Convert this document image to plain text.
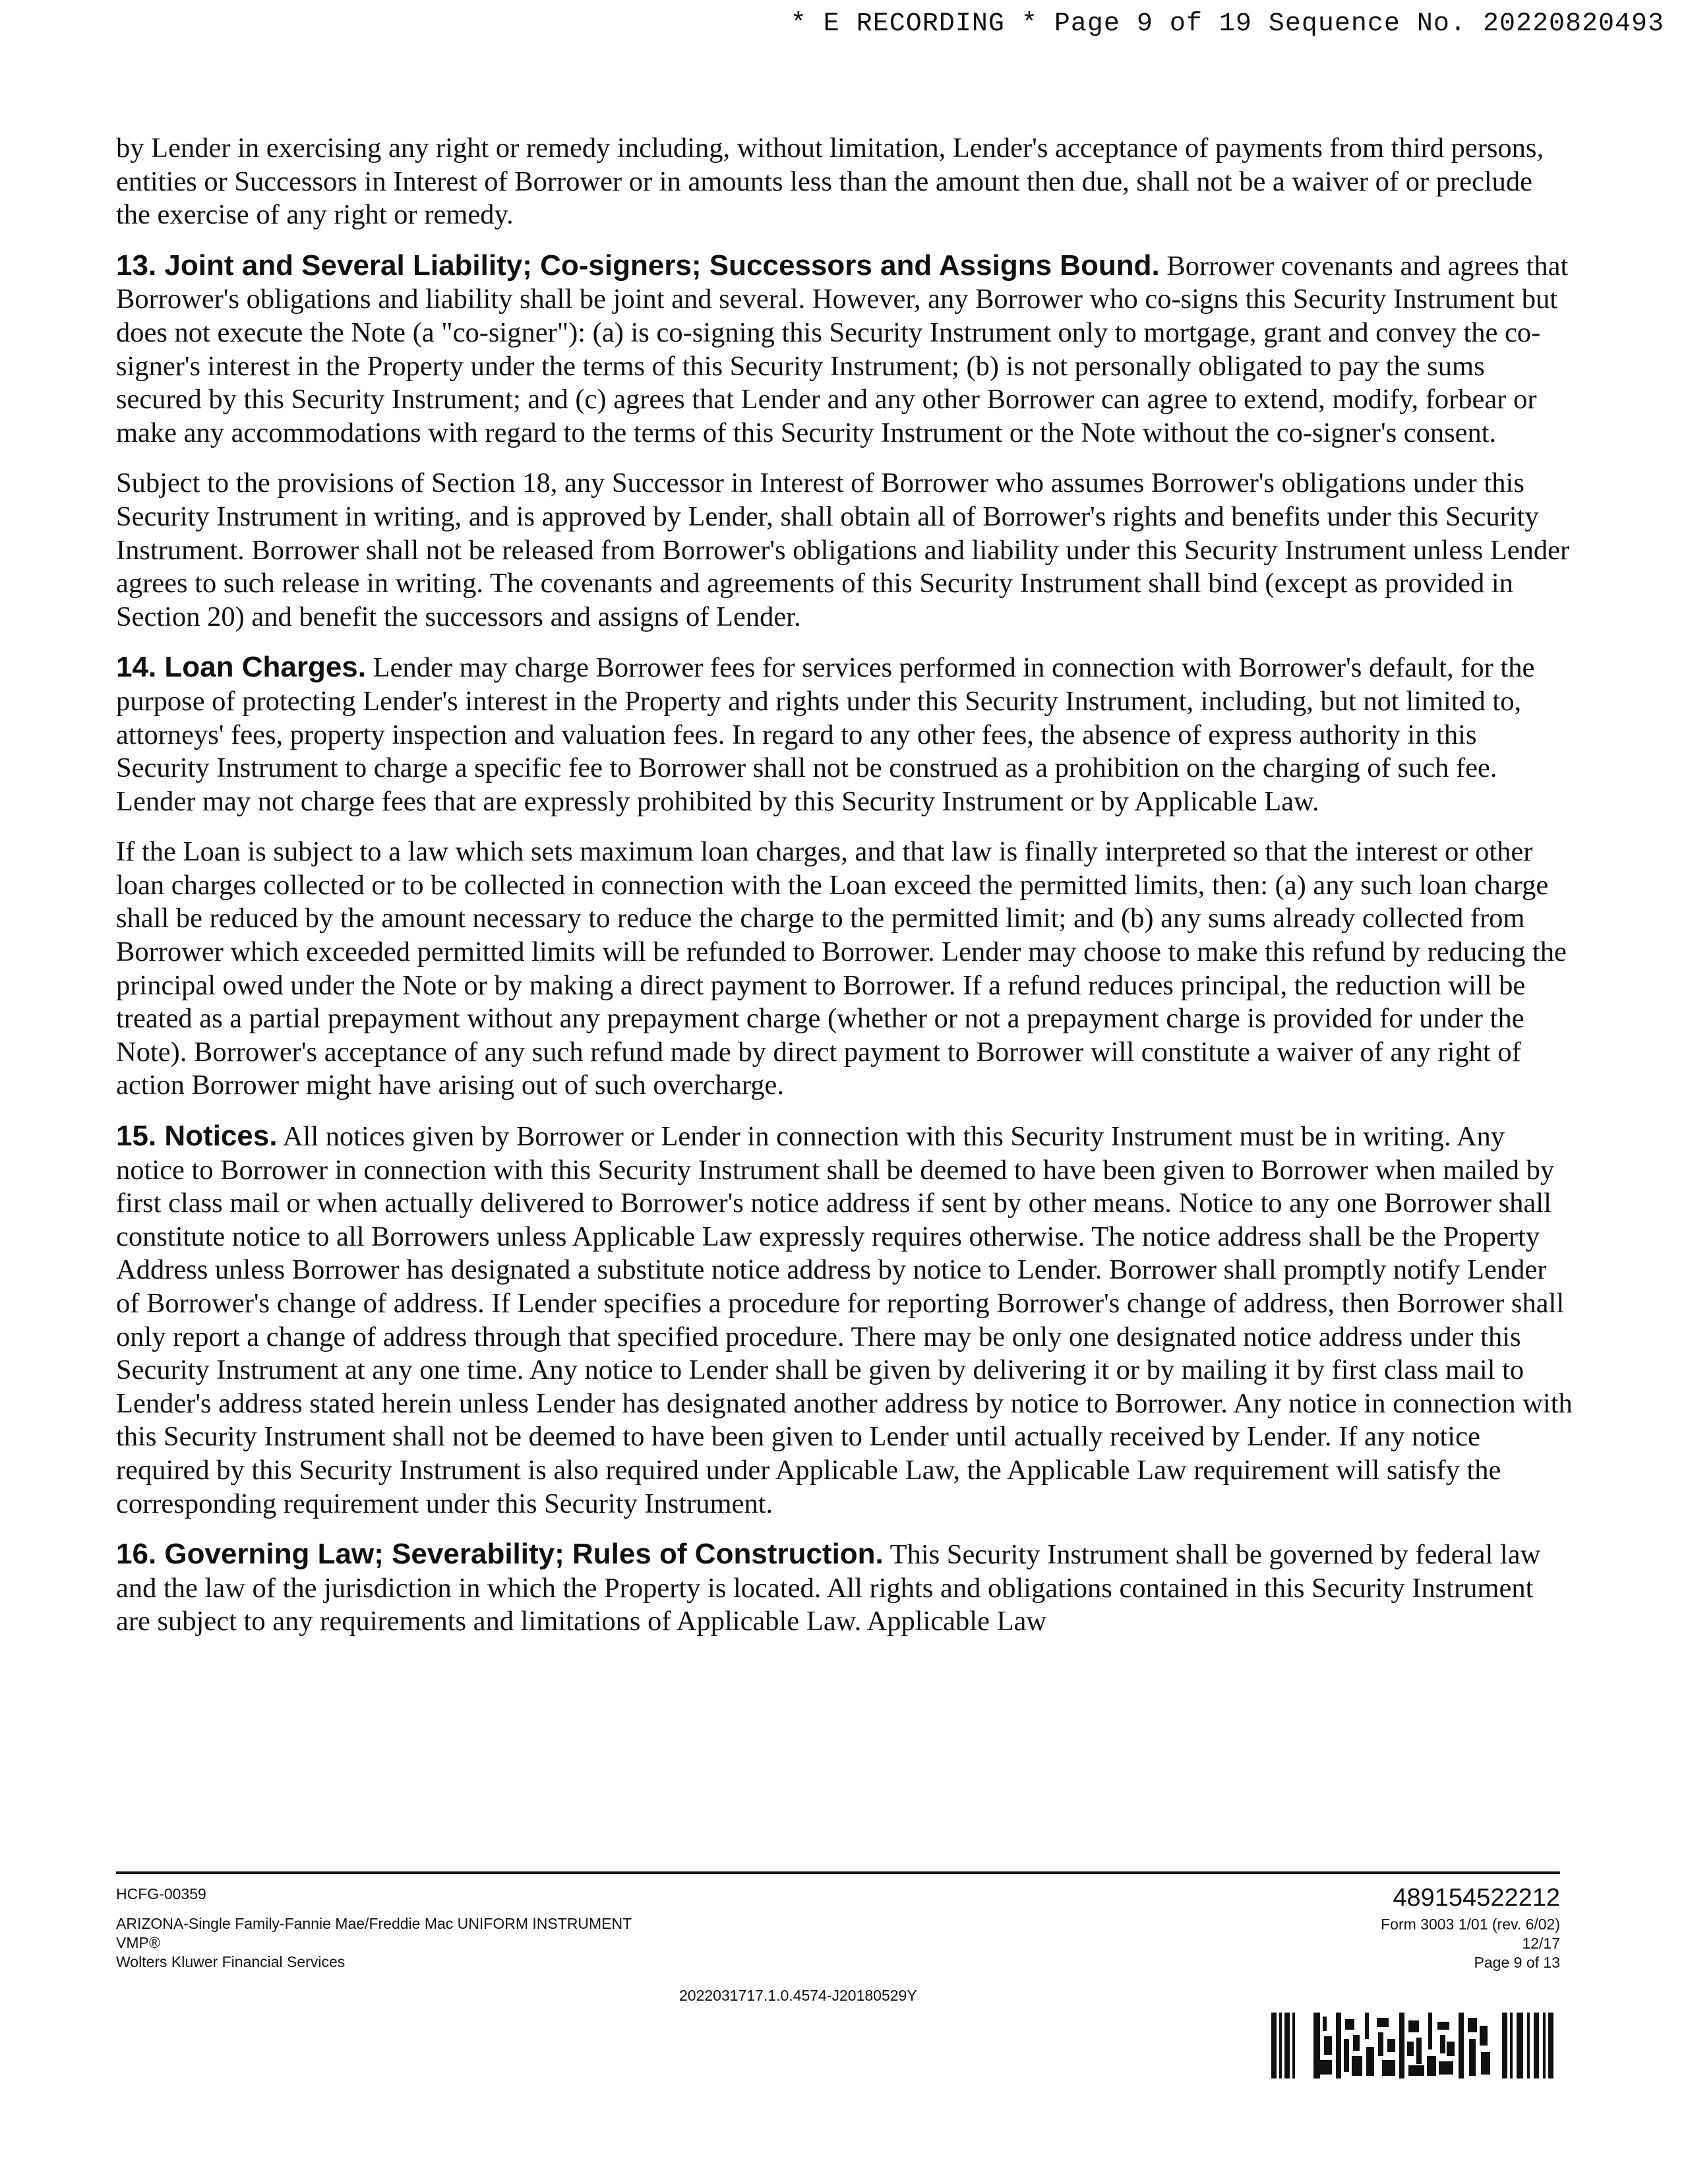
* E RECORDING * Page 9 of 19 Sequence No. 20220820493

by Lender in exercising any right or remedy including, without limitation, Lender's acceptance of payments from third persons, entities or Successors in Interest of Borrower or in amounts less than the amount then due, shall not be a waiver of or preclude the exercise of any right or remedy.

13. Joint and Several Liability; Co-signers; Successors and Assigns Bound. Borrower covenants and agrees that Borrower's obligations and liability shall be joint and several. However, any Borrower who co-signs this Security Instrument but does not execute the Note (a "co-signer"): (a) is co-signing this Security Instrument only to mortgage, grant and convey the co-signer's interest in the Property under the terms of this Security Instrument; (b) is not personally obligated to pay the sums secured by this Security Instrument; and (c) agrees that Lender and any other Borrower can agree to extend, modify, forbear or make any accommodations with regard to the terms of this Security Instrument or the Note without the co-signer's consent.

Subject to the provisions of Section 18, any Successor in Interest of Borrower who assumes Borrower's obligations under this Security Instrument in writing, and is approved by Lender, shall obtain all of Borrower's rights and benefits under this Security Instrument. Borrower shall not be released from Borrower's obligations and liability under this Security Instrument unless Lender agrees to such release in writing. The covenants and agreements of this Security Instrument shall bind (except as provided in Section 20) and benefit the successors and assigns of Lender.

14. Loan Charges. Lender may charge Borrower fees for services performed in connection with Borrower's default, for the purpose of protecting Lender's interest in the Property and rights under this Security Instrument, including, but not limited to, attorneys' fees, property inspection and valuation fees. In regard to any other fees, the absence of express authority in this Security Instrument to charge a specific fee to Borrower shall not be construed as a prohibition on the charging of such fee. Lender may not charge fees that are expressly prohibited by this Security Instrument or by Applicable Law.

If the Loan is subject to a law which sets maximum loan charges, and that law is finally interpreted so that the interest or other loan charges collected or to be collected in connection with the Loan exceed the permitted limits, then: (a) any such loan charge shall be reduced by the amount necessary to reduce the charge to the permitted limit; and (b) any sums already collected from Borrower which exceeded permitted limits will be refunded to Borrower. Lender may choose to make this refund by reducing the principal owed under the Note or by making a direct payment to Borrower. If a refund reduces principal, the reduction will be treated as a partial prepayment without any prepayment charge (whether or not a prepayment charge is provided for under the Note). Borrower's acceptance of any such refund made by direct payment to Borrower will constitute a waiver of any right of action Borrower might have arising out of such overcharge.

15. Notices. All notices given by Borrower or Lender in connection with this Security Instrument must be in writing. Any notice to Borrower in connection with this Security Instrument shall be deemed to have been given to Borrower when mailed by first class mail or when actually delivered to Borrower's notice address if sent by other means. Notice to any one Borrower shall constitute notice to all Borrowers unless Applicable Law expressly requires otherwise. The notice address shall be the Property Address unless Borrower has designated a substitute notice address by notice to Lender. Borrower shall promptly notify Lender of Borrower's change of address. If Lender specifies a procedure for reporting Borrower's change of address, then Borrower shall only report a change of address through that specified procedure. There may be only one designated notice address under this Security Instrument at any one time. Any notice to Lender shall be given by delivering it or by mailing it by first class mail to Lender's address stated herein unless Lender has designated another address by notice to Borrower. Any notice in connection with this Security Instrument shall not be deemed to have been given to Lender until actually received by Lender. If any notice required by this Security Instrument is also required under Applicable Law, the Applicable Law requirement will satisfy the corresponding requirement under this Security Instrument.

16. Governing Law; Severability; Rules of Construction. This Security Instrument shall be governed by federal law and the law of the jurisdiction in which the Property is located. All rights and obligations contained in this Security Instrument are subject to any requirements and limitations of Applicable Law. Applicable Law

HCFG-00359
ARIZONA-Single Family-Fannie Mae/Freddie Mac UNIFORM INSTRUMENT
VMP®
Wolters Kluwer Financial Services
2022031717.1.0.4574-J20180529Y
489154522212
Form 3003 1/01 (rev. 6/02)
12/17
Page 9 of 13
